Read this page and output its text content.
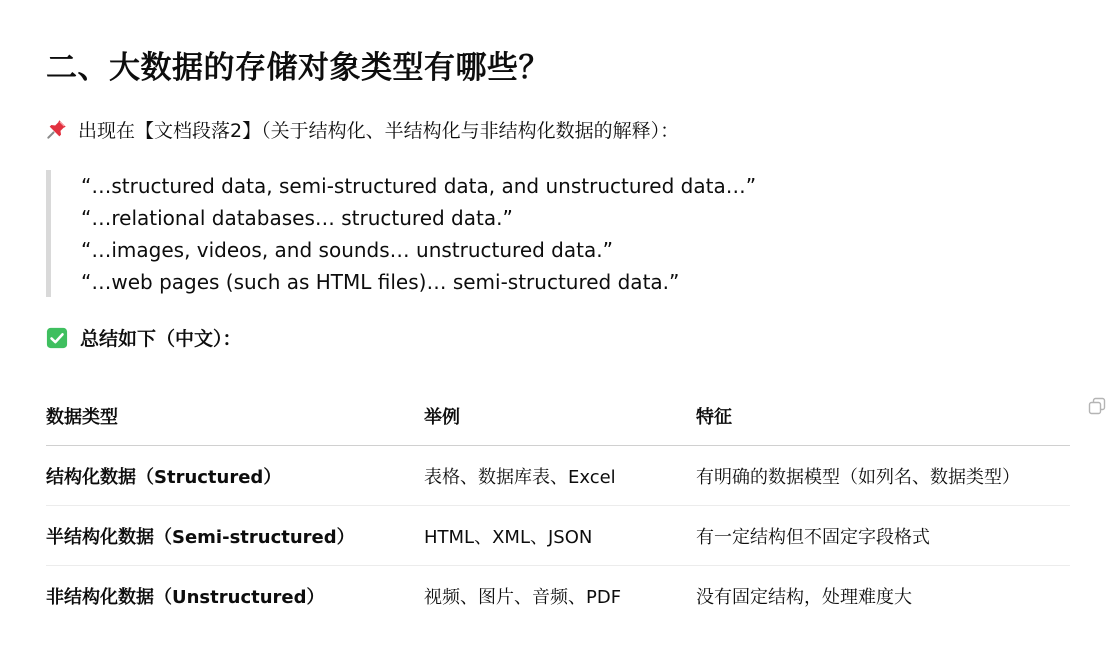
二、大数据的存储对象类型有哪些？
出现在【文档段落2】（关于结构化、半结构化与非结构化数据的解释）：
“…structured data, semi-structured data, and unstructured data…”
“…relational databases… structured data.”
“…images, videos, and sounds… unstructured data.”
“…web pages (such as HTML files)… semi-structured data.”
总结如下（中文）：
数据类型	举例	特征
结构化数据（Structured）	表格、数据库表、Excel	有明确的数据模型（如列名、数据类型）
半结构化数据（Semi-structured）	HTML、XML、JSON	有一定结构但不固定字段格式
非结构化数据（Unstructured）	视频、图片、音频、PDF	没有固定结构，处理难度大
